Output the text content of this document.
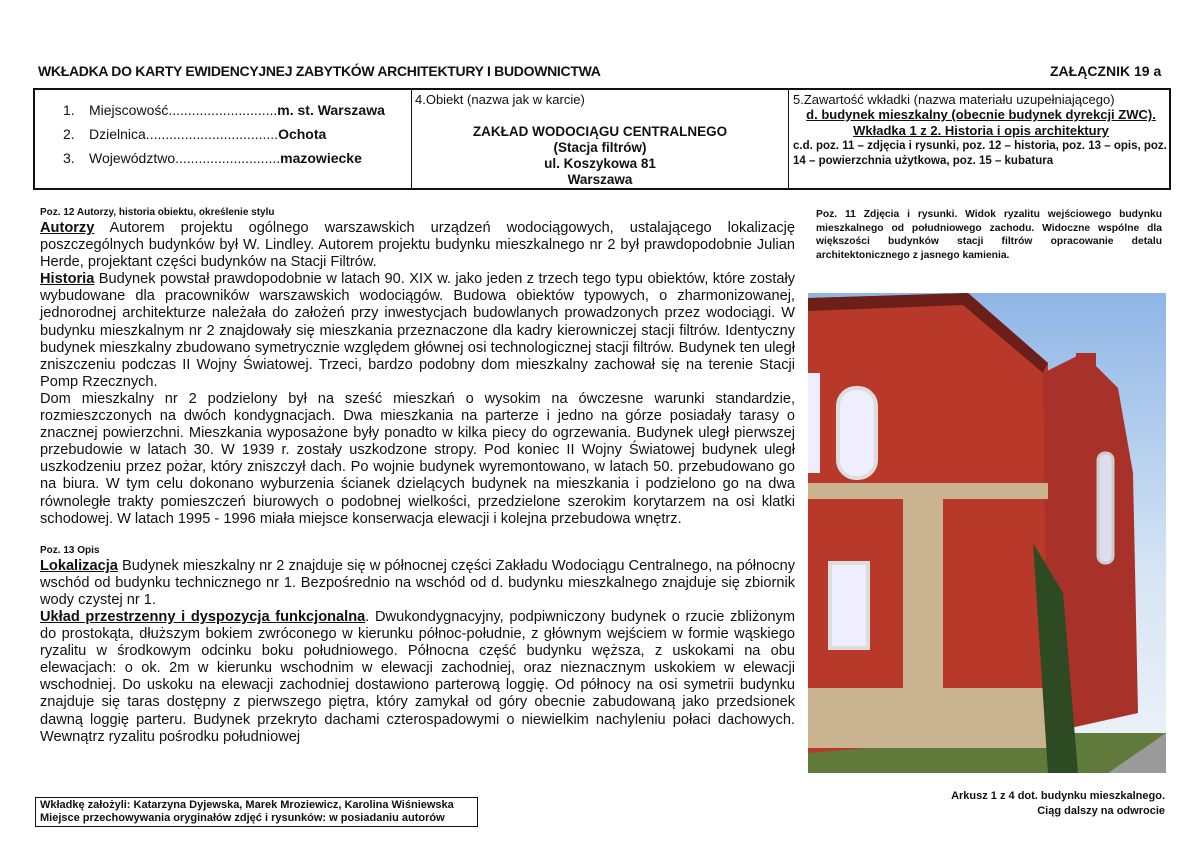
WKŁADKA DO KARTY EWIDENCYJNEJ ZABYTKÓW ARCHITEKTURY I BUDOWNICTWA	ZAŁĄCZNIK 19 a
1.	Miejscowość............................ m. st. Warszawa
2.	Dzielnica.................................. Ochota
3.	Województwo........................... mazowiecke
4.Obiekt (nazwa jak w karcie)
ZAKŁAD WODOCIĄGU CENTRALNEGO
(Stacja filtrów)
ul. Koszykowa 81
Warszawa
5.Zawartość wkładki (nazwa materiału uzupełniającego)
d. budynek mieszkalny (obecnie budynek dyrekcji ZWC). Wkładka 1 z 2. Historia i opis architektury
c.d. poz. 11 – zdjęcia i rysunki, poz. 12 – historia, poz. 13 – opis, poz. 14 – powierzchnia użytkowa, poz. 15 – kubatura
Poz. 12 Autorzy, historia obiektu, określenie stylu

Autorzy Autorem projektu ogólnego warszawskich urządzeń wodociągowych, ustalającego lokalizację poszczególnych budynków był W. Lindley. Autorem projektu budynku mieszkalnego nr 2 był prawdopodobnie Julian Herde, projektant części budynków na Stacji Filtrów.

Historia Budynek powstał prawdopodobnie w latach 90. XIX w. jako jeden z trzech tego typu obiektów, które zostały wybudowane dla pracowników warszawskich wodociągów. Budowa obiektów typowych, o zharmonizowanej, jednorodnej architekturze należała do założeń przy inwestycjach budowlanych prowadzonych przez wodociągi. W budynku mieszkalnym nr 2 znajdowały się mieszkania przeznaczone dla kadry kierowniczej stacji filtrów. Identyczny budynek mieszkalny zbudowano symetrycznie względem głównej osi technologicznej stacji filtrów. Budynek ten uległ zniszczeniu podczas II Wojny Światowej. Trzeci, bardzo podobny dom mieszkalny zachował się na terenie Stacji Pomp Rzecznych.

Dom mieszkalny nr 2 podzielony był na sześć mieszkań o wysokim na ówczesne warunki standardzie, rozmieszczonych na dwóch kondygnacjach. Dwa mieszkania na parterze i jedno na górze posiadały tarasy o znacznej powierzchni. Mieszkania wyposażone były ponadto w kilka piecy do ogrzewania. Budynek uległ pierwszej przebudowie w latach 30. W 1939 r. zostały uszkodzone stropy. Pod koniec II Wojny Światowej budynek uległ uszkodzeniu przez pożar, który zniszczył dach. Po wojnie budynek wyremontowano, w latach 50. przebudowano go na biura. W tym celu dokonano wyburzenia ścianek dzielących budynek na mieszkania i podzielono go na dwa równoległe trakty pomieszczeń biurowych o podobnej wielkości, przedzielone szerokim korytarzem na osi klatki schodowej. W latach 1995 - 1996 miała miejsce konserwacja elewacji i kolejna przebudowa wnętrz.

Poz. 13 Opis

Lokalizacja Budynek mieszkalny nr 2 znajduje się w północnej części Zakładu Wodociągu Centralnego, na północny wschód od budynku technicznego nr 1. Bezpośrednio na wschód od d. budynku mieszkalnego znajduje się zbiornik wody czystej nr 1.

Układ przestrzenny i dyspozycja funkcjonalna. Dwukondygnacyjny, podpiwniczony budynek o rzucie zbliżonym do prostokąta, dłuższym bokiem zwróconego w kierunku północ-południe, z głównym wejściem w formie wąskiego ryzalitu w środkowym odcinku boku południowego. Północna część budynku węższa, z uskokami na obu elewacjach: o ok. 2m w kierunku wschodnim w elewacji zachodniej, oraz nieznacznym uskokiem w elewacji wschodniej. Do uskoku na elewacji zachodniej dostawiono parterową loggię. Od północy na osi symetrii budynku znajduje się taras dostępny z pierwszego piętra, który zamykał od góry obecnie zabudowaną jako przedsionek dawną loggię parteru. Budynek przekryto dachami czterospadowymi o niewielkim nachyleniu połaci dachowych. Wewnątrz ryzalitu pośrodku południowej

Poz. 11 Zdjęcia i rysunki. Widok ryzalitu wejściowego budynku mieszkalnego od południowego zachodu. Widoczne wspólne dla większości budynków stacji filtrów opracowanie detalu architektonicznego z jasnego kamienia.
Wkładkę założyli: Katarzyna Dyjewska, Marek Mroziewicz, Karolina Wiśniewska
Miejsce przechowywania oryginałów zdjęć i rysunków: w posiadaniu autorów
Arkusz 1 z 4 dot. budynku mieszkalnego.
Ciąg dalszy na odwrocie
